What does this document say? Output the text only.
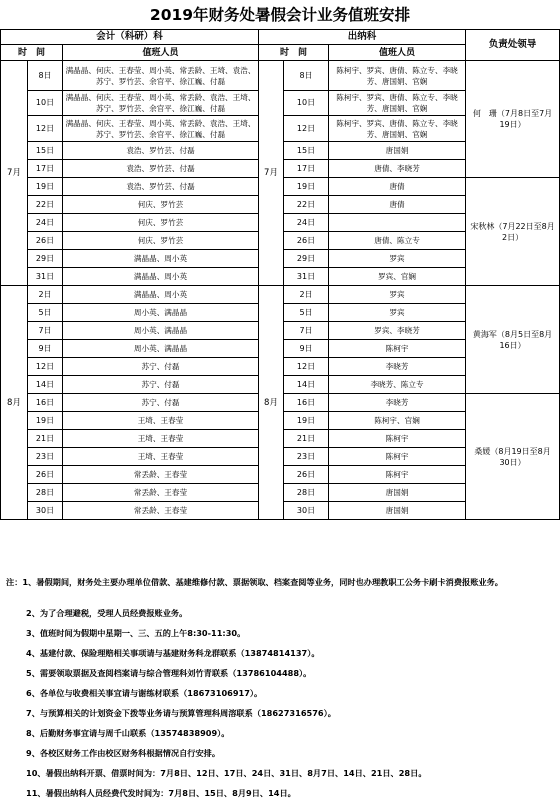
2019年财务处暑假会计业务值班安排
会计（科研）科			出纳科			负责处领导
时　间		值班人员	时　间		值班人员	
7月	8日	满晶晶、何庆、王春莹、周小英、常丢龄、王埼、袁浩、苏宁、罗竹芸、余官平、徐江巍、付磊	7月	8日	陈柯宇、罗宾、唐倩、陈立专、李晓芳、唐国娟、官娴	何　珊（7月8日至7月19日）
	10日	满晶晶、何庆、王春莹、周小英、常丢龄、袁浩、王埼、苏宁、罗竹芸、余官平、徐江巍、付磊		10日	陈柯宇、罗宾、唐倩、陈立专、李晓芳、唐国娟、官娴	
	12日	满晶晶、何庆、王春莹、周小英、常丢龄、袁浩、王埼、苏宁、罗竹芸、余官平、徐江巍、付磊		12日	陈柯宇、罗宾、唐倩、陈立专、李晓芳、唐国娟、官娴	
	15日	袁浩、罗竹芸、付磊		15日	唐国娟	
	17日	袁浩、罗竹芸、付磊		17日	唐倩、李晓芳	
	19日	袁浩、罗竹芸、付磊		19日	唐倩	宋秋林（7月22日至8月2日）
	22日	何庆、罗竹芸		22日	唐倩	
	24日	何庆、罗竹芸		24日		
	26日	何庆、罗竹芸		26日	唐倩、陈立专	
	29日	满晶晶、周小英		29日	罗宾	
	31日	满晶晶、周小英		31日	罗宾、官娴	
8月	2日	满晶晶、周小英	8月	2日	罗宾	黄海军（8月5日至8月16日）
	5日	周小英、满晶晶		5日	罗宾	
	7日	周小英、满晶晶		7日	罗宾、李晓芳	
	9日	周小英、满晶晶		9日	陈柯宇	
	12日	苏宁、付磊		12日	李晓芳	
	14日	苏宁、付磊		14日	李晓芳、陈立专	
	16日	苏宁、付磊		16日	李晓芳	桑媛（8月19日至8月30日）
	19日	王埼、王春莹		19日	陈柯宇、官娴	
	21日	王埼、王春莹		21日	陈柯宇	
	23日	王埼、王春莹		23日	陈柯宇	
	26日	常丢龄、王春莹		26日	陈柯宇	
	28日	常丢龄、王春莹		28日	唐国娟	
	30日	常丢龄、王春莹		30日	唐国娟	
注：1、暑假期间，财务处主要办理单位借款、基建维修付款、票据领取、档案查阅等业务，同时也办理教职工公务卡刷卡消费报账业务。
2、为了合理避税，受理人员经费报账业务。
3、值班时间为假期中星期一、三、五的上午8:30-11:30。
4、基建付款、保险理赔相关事项请与基建财务科龙群联系（13874814137）。
5、需要领取票据及查阅档案请与综合管理科刘竹青联系（13786104488）。
6、各单位与收费相关事宜请与谢练材联系（18673106917）。
7、与预算相关的计划资金下拨等业务请与预算管理科周溶联系（18627316576）。
8、后勤财务事宜请与周千山联系（13574838909）。
9、各校区财务工作由校区财务科根据情况自行安排。
10、暑假出纳科开票、借票时间为：7月8日、12日、17日、24日、31日、8月7日、14日、21日、28日。
11、暑假出纳科人员经费代发时间为：7月8日、15日、8月9日、14日。
